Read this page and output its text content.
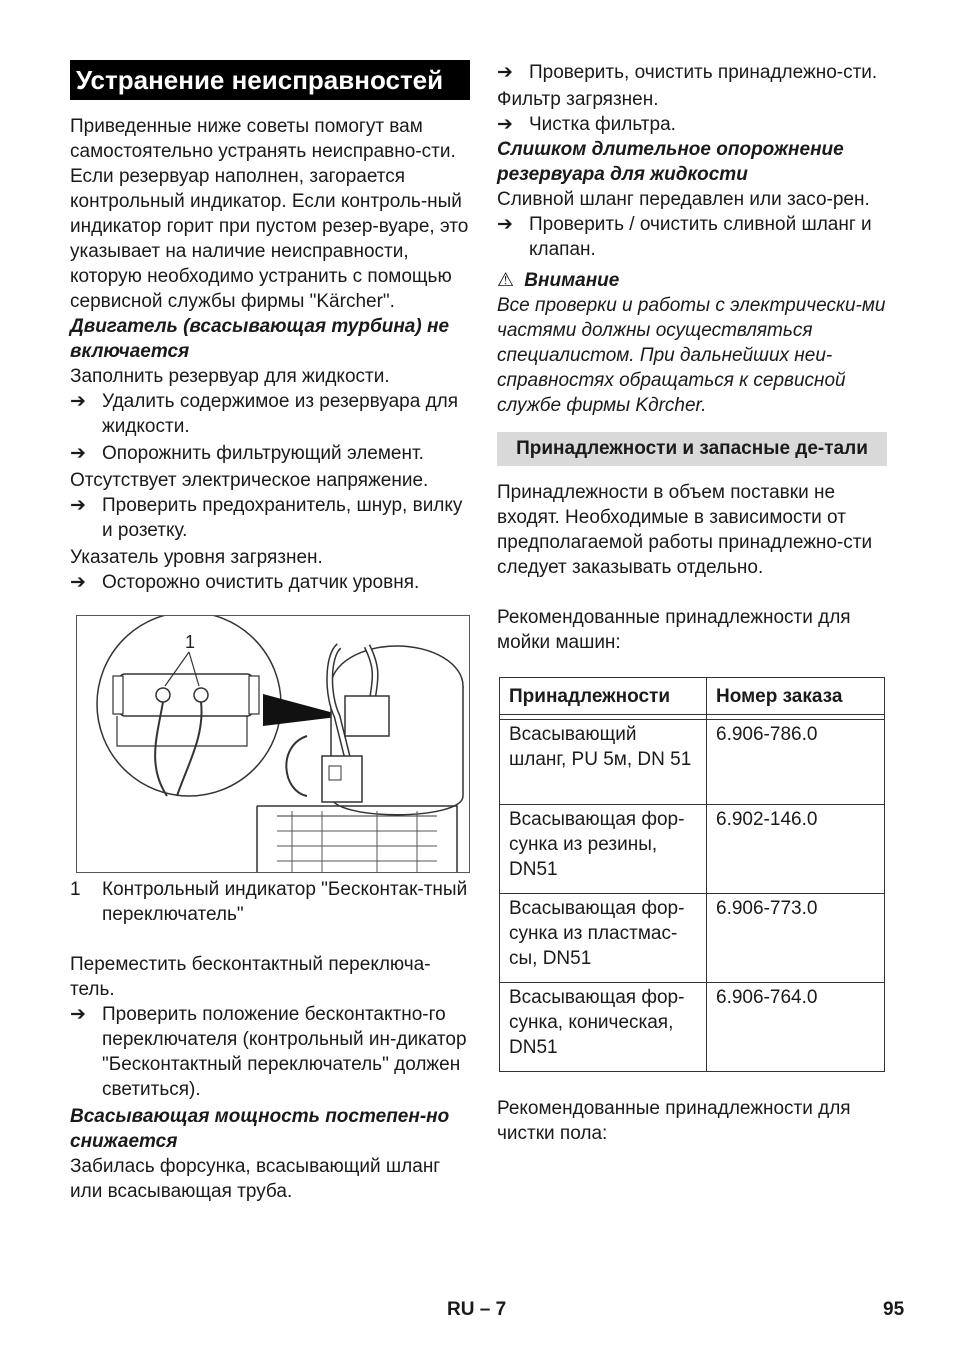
Устранение неисправностей

Приведенные ниже советы помогут вам самостоятельно устранять неисправно-сти.

Если резервуар наполнен, загорается контрольный индикатор. Если контроль-ный индикатор горит при пустом резер-вуаре, это указывает на наличие неисправности, которую необходимо устранить с помощью сервисной службы фирмы "Kärcher".

Двигатель (всасывающая турбина) не включается

Заполнить резервуар для жидкости.

➔ Удалить содержимое из резервуара для жидкости.
➔ Опорожнить фильтрующий элемент.

Отсутствует электрическое напряжение.

➔ Проверить предохранитель, шнур, вилку и розетку.

Указатель уровня загрязнен.

➔ Осторожно очистить датчик уровня.
1
1	Контрольный индикатор "Бесконтак-тный переключатель"

Переместить бесконтактный переключа-тель.

➔ Проверить положение бесконтактно-го переключателя (контрольный ин-дикатор "Бесконтактный переключатель" должен светиться).

Всасывающая мощность постепен-но снижается

Забилась форсунка, всасывающий шланг или всасывающая труба.

➔ Проверить, очистить принадлежно-сти.

Фильтр загрязнен.

➔ Чистка фильтра.

Слишком длительное опорожнение резервуара для жидкости

Сливной шланг передавлен или засо-рен.

➔ Проверить / очистить сливной шланг и клапан.

⚠ Внимание

Все проверки и работы с электрически-ми частями должны осуществляться специалистом. При дальнейших неи-справностях обращаться к сервисной службе фирмы Kдrcher.

Принадлежности и запасные де-тали

Принадлежности в объем поставки не входят. Необходимые в зависимости от предполагаемой работы принадлежно-сти следует заказывать отдельно.

Рекомендованные принадлежности для мойки машин:

Принадлежности	Номер заказа

Всасывающий шланг, PU 5м, DN 51	6.906-786.0
Всасывающая фор-сунка из резины, DN51	6.902-146.0
Всасывающая фор-сунка из пластмас-сы, DN51	6.906-773.0
Всасывающая фор-сунка, коническая, DN51	6.906-764.0

Рекомендованные принадлежности для чистки пола:

RU – 7	95
